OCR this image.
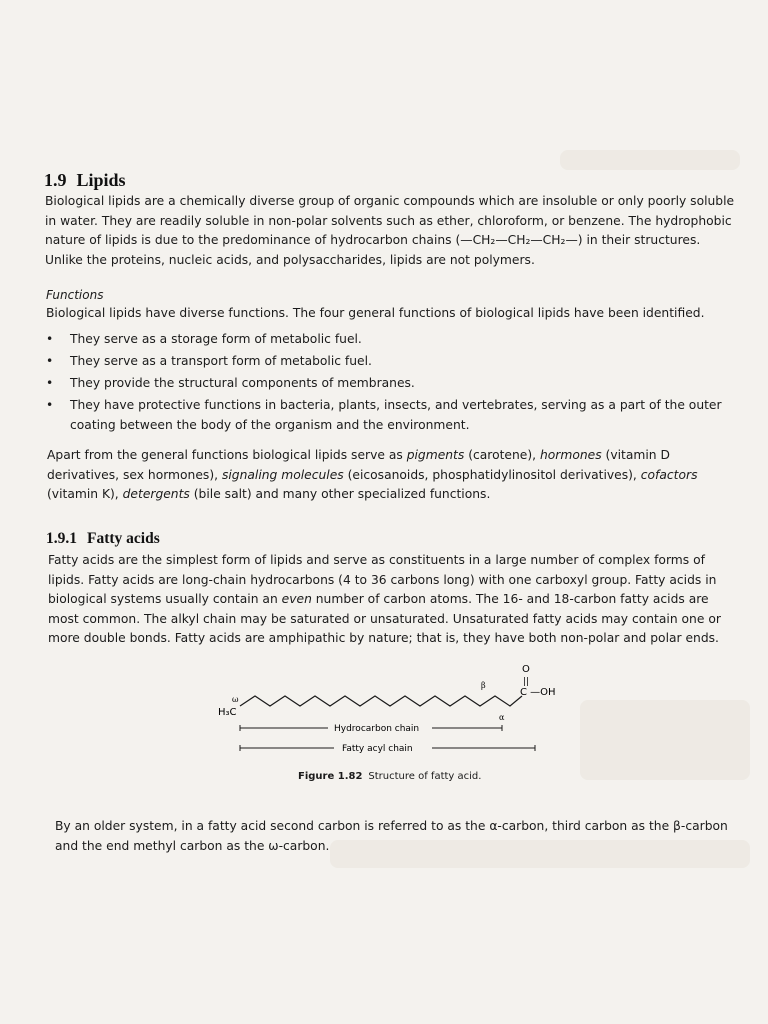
1.9 Lipids

Biological lipids are a chemically diverse group of organic compounds which are insoluble or only poorly soluble in water. They are readily soluble in non-polar solvents such as ether, chloroform, or benzene. The hydrophobic nature of lipids is due to the predominance of hydrocarbon chains (—CH₂—CH₂—CH₂—) in their structures. Unlike the proteins, nucleic acids, and polysaccharides, lipids are not polymers.

Functions

Biological lipids have diverse functions. The four general functions of biological lipids have been identified.

•	They serve as a storage form of metabolic fuel.
•	They serve as a transport form of metabolic fuel.
•	They provide the structural components of membranes.
•	They have protective functions in bacteria, plants, insects, and vertebrates, serving as a part of the outer coating between the body of the organism and the environment.

Apart from the general functions biological lipids serve as pigments (carotene), hormones (vitamin D derivatives, sex hormones), signaling molecules (eicosanoids, phosphatidylinositol derivatives), cofactors (vitamin K), detergents (bile salt) and many other specialized functions.

1.9.1 Fatty acids

Fatty acids are the simplest form of lipids and serve as constituents in a large number of complex forms of lipids. Fatty acids are long-chain hydrocarbons (4 to 36 carbons long) with one carboxyl group. Fatty acids in biological systems usually contain an even number of carbon atoms. The 16- and 18-carbon fatty acids are most common. The alkyl chain may be saturated or unsaturated. Unsaturated fatty acids may contain one or more double bonds. Fatty acids are amphipathic by nature; that is, they have both non-polar and polar ends.

ω
H₃C
β
α
O
||
C —OH
Hydrocarbon chain
Fatty acyl chain
Figure 1.82 Structure of fatty acid.

By an older system, in a fatty acid second carbon is referred to as the α-carbon, third carbon as the β-carbon and the end methyl carbon as the ω-carbon.
